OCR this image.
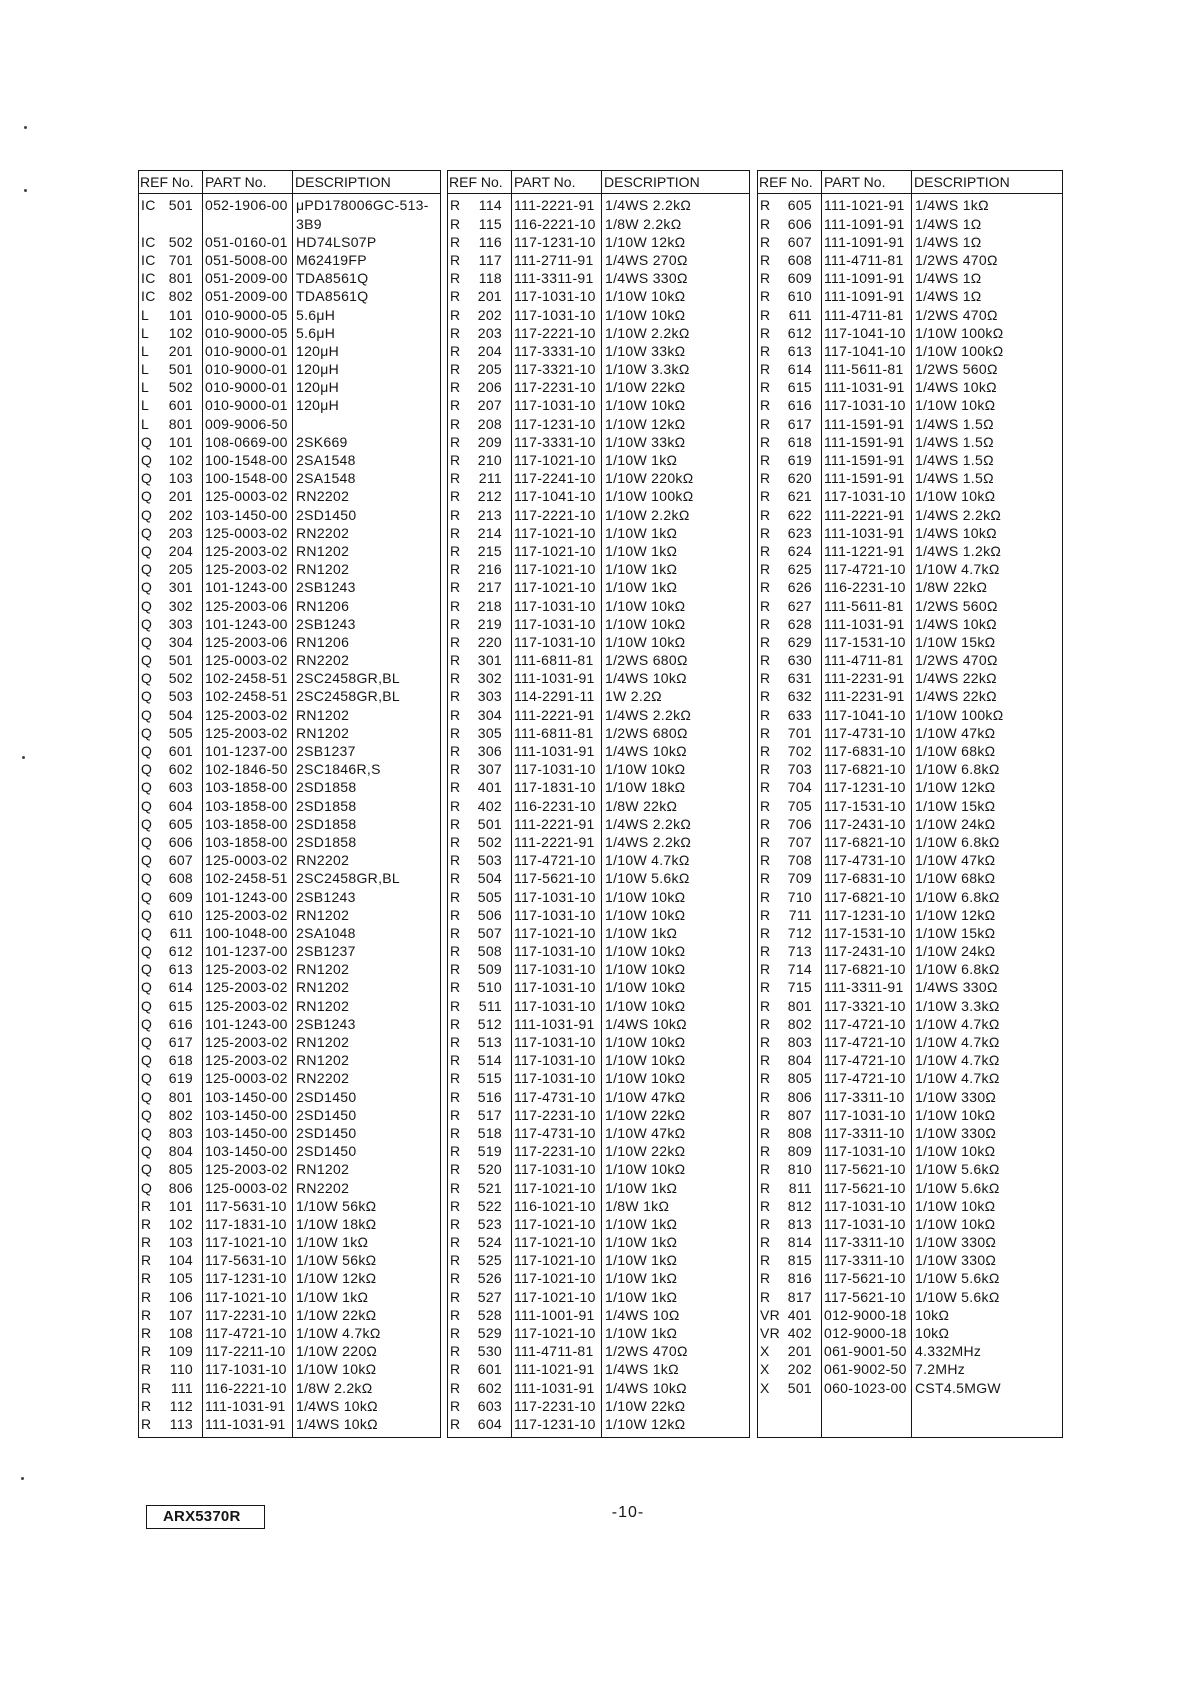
REF No. PART No.	DESCRIPTION
IC 501 052-1906-00 μPD178006GC-513-
3B9
IC 502 051-0160-01 HD74LS07P
IC 701 051-5008-00 M62419FP
IC 801 051-2009-00 TDA8561Q
IC 802 051-2009-00 TDA8561Q
L 101 010-9000-05 5.6μH
L 102 010-9000-05 5.6μH
L 201 010-9000-01 120μH
L 501 010-9000-01 120μH
L 502 010-9000-01 120μH
L 601 010-9000-01 120μH
L 801 009-9006-50
Q 101 108-0669-00 2SK669
Q 102 100-1548-00 2SA1548
Q 103 100-1548-00 2SA1548
Q 201 125-0003-02 RN2202
Q 202 103-1450-00 2SD1450
Q 203 125-0003-02 RN2202
Q 204 125-2003-02 RN1202
Q 205 125-2003-02 RN1202
Q 301 101-1243-00 2SB1243
Q 302 125-2003-06 RN1206
Q 303 101-1243-00 2SB1243
Q 304 125-2003-06 RN1206
Q 501 125-0003-02 RN2202
Q 502 102-2458-51 2SC2458GR,BL
Q 503 102-2458-51 2SC2458GR,BL
Q 504 125-2003-02 RN1202
Q 505 125-2003-02 RN1202
Q 601 101-1237-00 2SB1237
Q 602 102-1846-50 2SC1846R,S
Q 603 103-1858-00 2SD1858
Q 604 103-1858-00 2SD1858
Q 605 103-1858-00 2SD1858
Q 606 103-1858-00 2SD1858
Q 607 125-0003-02 RN2202
Q 608 102-2458-51 2SC2458GR,BL
Q 609 101-1243-00 2SB1243
Q 610 125-2003-02 RN1202
Q 611 100-1048-00 2SA1048
Q 612 101-1237-00 2SB1237
Q 613 125-2003-02 RN1202
Q 614 125-2003-02 RN1202
Q 615 125-2003-02 RN1202
Q 616 101-1243-00 2SB1243
Q 617 125-2003-02 RN1202
Q 618 125-2003-02 RN1202
Q 619 125-0003-02 RN2202
Q 801 103-1450-00 2SD1450
Q 802 103-1450-00 2SD1450
Q 803 103-1450-00 2SD1450
Q 804 103-1450-00 2SD1450
Q 805 125-2003-02 RN1202
Q 806 125-0003-02 RN2202
R 101 117-5631-10 1/10W 56kΩ
R 102 117-1831-10 1/10W 18kΩ
R 103 117-1021-10 1/10W 1kΩ
R 104 117-5631-10 1/10W 56kΩ
R 105 117-1231-10 1/10W 12kΩ
R 106 117-1021-10 1/10W 1kΩ
R 107 117-2231-10 1/10W 22kΩ
R 108 117-4721-10 1/10W 4.7kΩ
R 109 117-2211-10 1/10W 220Ω
R 110 117-1031-10 1/10W 10kΩ
R 111 116-2221-10 1/8W 2.2kΩ
R 112 111-1031-91 1/4WS 10kΩ
R 113 111-1031-91 1/4WS 10kΩ
REF No. PART No.	DESCRIPTION
R 114 111-2221-91 1/4WS 2.2kΩ
R 115 116-2221-10 1/8W 2.2kΩ
R 116 117-1231-10 1/10W 12kΩ
R 117 111-2711-91 1/4WS 270Ω
R 118 111-3311-91 1/4WS 330Ω
R 201 117-1031-10 1/10W 10kΩ
R 202 117-1031-10 1/10W 10kΩ
R 203 117-2221-10 1/10W 2.2kΩ
R 204 117-3331-10 1/10W 33kΩ
R 205 117-3321-10 1/10W 3.3kΩ
R 206 117-2231-10 1/10W 22kΩ
R 207 117-1031-10 1/10W 10kΩ
R 208 117-1231-10 1/10W 12kΩ
R 209 117-3331-10 1/10W 33kΩ
R 210 117-1021-10 1/10W 1kΩ
R 211 117-2241-10 1/10W 220kΩ
R 212 117-1041-10 1/10W 100kΩ
R 213 117-2221-10 1/10W 2.2kΩ
R 214 117-1021-10 1/10W 1kΩ
R 215 117-1021-10 1/10W 1kΩ
R 216 117-1021-10 1/10W 1kΩ
R 217 117-1021-10 1/10W 1kΩ
R 218 117-1031-10 1/10W 10kΩ
R 219 117-1031-10 1/10W 10kΩ
R 220 117-1031-10 1/10W 10kΩ
R 301 111-6811-81 1/2WS 680Ω
R 302 111-1031-91 1/4WS 10kΩ
R 303 114-2291-11 1W 2.2Ω
R 304 111-2221-91 1/4WS 2.2kΩ
R 305 111-6811-81 1/2WS 680Ω
R 306 111-1031-91 1/4WS 10kΩ
R 307 117-1031-10 1/10W 10kΩ
R 401 117-1831-10 1/10W 18kΩ
R 402 116-2231-10 1/8W 22kΩ
R 501 111-2221-91 1/4WS 2.2kΩ
R 502 111-2221-91 1/4WS 2.2kΩ
R 503 117-4721-10 1/10W 4.7kΩ
R 504 117-5621-10 1/10W 5.6kΩ
R 505 117-1031-10 1/10W 10kΩ
R 506 117-1031-10 1/10W 10kΩ
R 507 117-1021-10 1/10W 1kΩ
R 508 117-1031-10 1/10W 10kΩ
R 509 117-1031-10 1/10W 10kΩ
R 510 117-1031-10 1/10W 10kΩ
R 511 117-1031-10 1/10W 10kΩ
R 512 111-1031-91 1/4WS 10kΩ
R 513 117-1031-10 1/10W 10kΩ
R 514 117-1031-10 1/10W 10kΩ
R 515 117-1031-10 1/10W 10kΩ
R 516 117-4731-10 1/10W 47kΩ
R 517 117-2231-10 1/10W 22kΩ
R 518 117-4731-10 1/10W 47kΩ
R 519 117-2231-10 1/10W 22kΩ
R 520 117-1031-10 1/10W 10kΩ
R 521 117-1021-10 1/10W 1kΩ
R 522 116-1021-10 1/8W 1kΩ
R 523 117-1021-10 1/10W 1kΩ
R 524 117-1021-10 1/10W 1kΩ
R 525 117-1021-10 1/10W 1kΩ
R 526 117-1021-10 1/10W 1kΩ
R 527 117-1021-10 1/10W 1kΩ
R 528 111-1001-91 1/4WS 10Ω
R 529 117-1021-10 1/10W 1kΩ
R 530 111-4711-81 1/2WS 470Ω
R 601 111-1021-91 1/4WS 1kΩ
R 602 111-1031-91 1/4WS 10kΩ
R 603 117-2231-10 1/10W 22kΩ
R 604 117-1231-10 1/10W 12kΩ
REF No. PART No.	DESCRIPTION
R 605 111-1021-91 1/4WS 1kΩ
R 606 111-1091-91 1/4WS 1Ω
R 607 111-1091-91 1/4WS 1Ω
R 608 111-4711-81 1/2WS 470Ω
R 609 111-1091-91 1/4WS 1Ω
R 610 111-1091-91 1/4WS 1Ω
R 611 111-4711-81 1/2WS 470Ω
R 612 117-1041-10 1/10W 100kΩ
R 613 117-1041-10 1/10W 100kΩ
R 614 111-5611-81 1/2WS 560Ω
R 615 111-1031-91 1/4WS 10kΩ
R 616 117-1031-10 1/10W 10kΩ
R 617 111-1591-91 1/4WS 1.5Ω
R 618 111-1591-91 1/4WS 1.5Ω
R 619 111-1591-91 1/4WS 1.5Ω
R 620 111-1591-91 1/4WS 1.5Ω
R 621 117-1031-10 1/10W 10kΩ
R 622 111-2221-91 1/4WS 2.2kΩ
R 623 111-1031-91 1/4WS 10kΩ
R 624 111-1221-91 1/4WS 1.2kΩ
R 625 117-4721-10 1/10W 4.7kΩ
R 626 116-2231-10 1/8W 22kΩ
R 627 111-5611-81 1/2WS 560Ω
R 628 111-1031-91 1/4WS 10kΩ
R 629 117-1531-10 1/10W 15kΩ
R 630 111-4711-81 1/2WS 470Ω
R 631 111-2231-91 1/4WS 22kΩ
R 632 111-2231-91 1/4WS 22kΩ
R 633 117-1041-10 1/10W 100kΩ
R 701 117-4731-10 1/10W 47kΩ
R 702 117-6831-10 1/10W 68kΩ
R 703 117-6821-10 1/10W 6.8kΩ
R 704 117-1231-10 1/10W 12kΩ
R 705 117-1531-10 1/10W 15kΩ
R 706 117-2431-10 1/10W 24kΩ
R 707 117-6821-10 1/10W 6.8kΩ
R 708 117-4731-10 1/10W 47kΩ
R 709 117-6831-10 1/10W 68kΩ
R 710 117-6821-10 1/10W 6.8kΩ
R 711 117-1231-10 1/10W 12kΩ
R 712 117-1531-10 1/10W 15kΩ
R 713 117-2431-10 1/10W 24kΩ
R 714 117-6821-10 1/10W 6.8kΩ
R 715 111-3311-91 1/4WS 330Ω
R 801 117-3321-10 1/10W 3.3kΩ
R 802 117-4721-10 1/10W 4.7kΩ
R 803 117-4721-10 1/10W 4.7kΩ
R 804 117-4721-10 1/10W 4.7kΩ
R 805 117-4721-10 1/10W 4.7kΩ
R 806 117-3311-10 1/10W 330Ω
R 807 117-1031-10 1/10W 10kΩ
R 808 117-3311-10 1/10W 330Ω
R 809 117-1031-10 1/10W 10kΩ
R 810 117-5621-10 1/10W 5.6kΩ
R 811 117-5621-10 1/10W 5.6kΩ
R 812 117-1031-10 1/10W 10kΩ
R 813 117-1031-10 1/10W 10kΩ
R 814 117-3311-10 1/10W 330Ω
R 815 117-3311-10 1/10W 330Ω
R 816 117-5621-10 1/10W 5.6kΩ
R 817 117-5621-10 1/10W 5.6kΩ
VR 401 012-9000-18 10kΩ
VR 402 012-9000-18 10kΩ
X 201 061-9001-50 4.332MHz
X 202 061-9002-50 7.2MHz
X 501 060-1023-00 CST4.5MGW
ARX5370R	-10-
